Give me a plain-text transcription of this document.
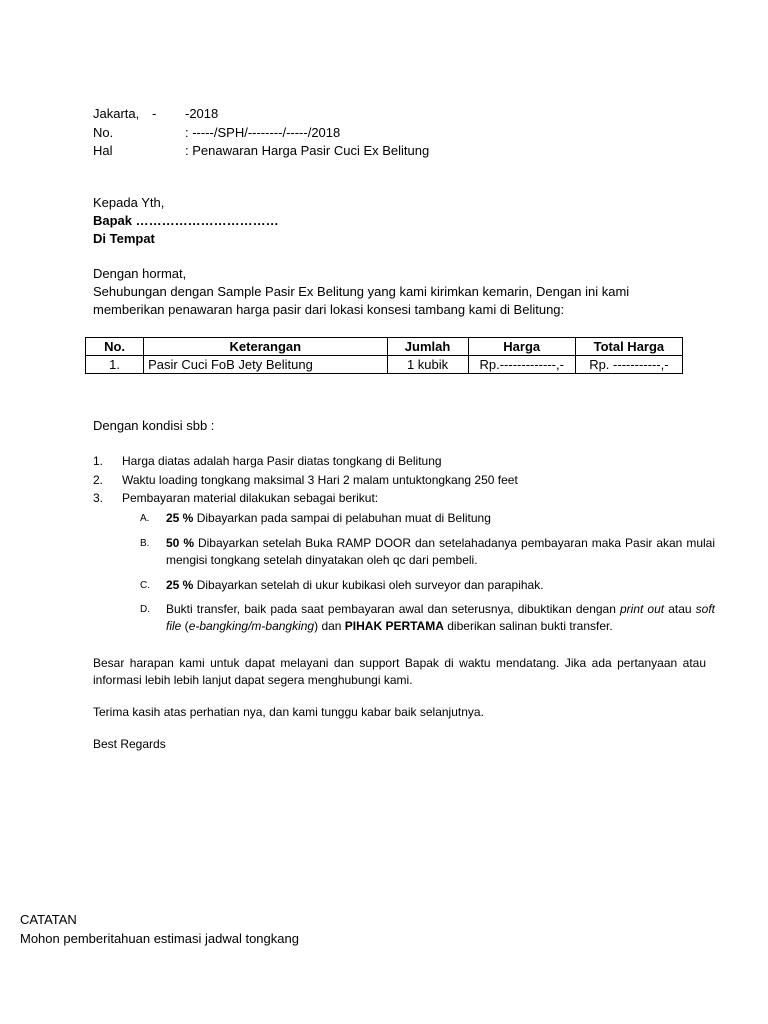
Jakarta, - -2018
No.	: -----/SPH/--------/-----/2018
Hal	: Penawaran Harga Pasir Cuci Ex Belitung
Kepada Yth,
Bapak ……………………………
Di Tempat
Dengan hormat,
Sehubungan dengan Sample Pasir Ex Belitung yang kami kirimkan kemarin, Dengan ini kami
memberikan penawaran harga pasir dari lokasi konsesi tambang kami di Belitung:
No.	Keterangan	Jumlah	Harga	Total Harga
1.	Pasir Cuci FoB Jety Belitung	1 kubik	Rp.-------------,-	Rp. -----------,-
Dengan kondisi sbb :
1. Harga diatas adalah harga Pasir diatas tongkang di Belitung
2. Waktu loading tongkang maksimal 3 Hari 2 malam untuktongkang 250 feet
3. Pembayaran material dilakukan sebagai berikut:
A. 25 % Dibayarkan pada sampai di pelabuhan muat di Belitung
B. 50 % Dibayarkan setelah Buka RAMP DOOR dan setelahadanya pembayaran maka Pasir akan mulai mengisi tongkang setelah dinyatakan oleh qc dari pembeli.
C. 25 % Dibayarkan setelah di ukur kubikasi oleh surveyor dan parapihak.
D. Bukti transfer, baik pada saat pembayaran awal dan seterusnya, dibuktikan dengan print out atau soft file (e-bangking/m-bangking) dan PIHAK PERTAMA diberikan salinan bukti transfer.
Besar harapan kami untuk dapat melayani dan support Bapak di waktu mendatang. Jika ada pertanyaan atau informasi lebih lebih lanjut dapat segera menghubungi kami.
Terima kasih atas perhatian nya, dan kami tunggu kabar baik selanjutnya.
Best Regards
CATATAN
Mohon pemberitahuan estimasi jadwal tongkang
